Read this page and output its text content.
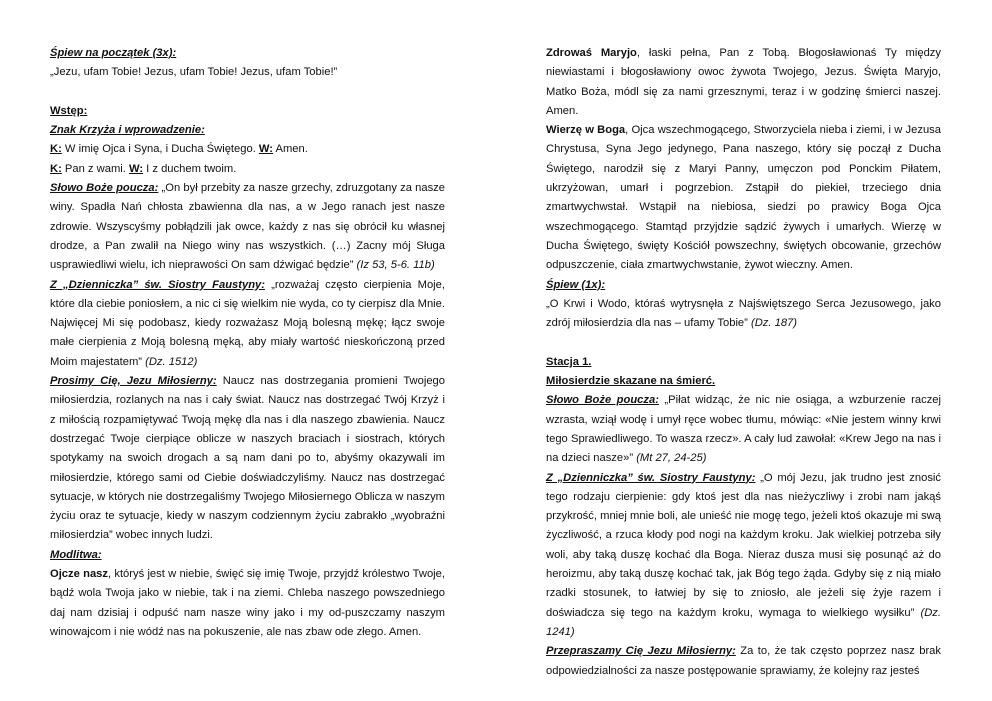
Śpiew na początek (3x):

„Jezu, ufam Tobie! Jezus, ufam Tobie! Jezus, ufam Tobie!”

Wstęp:

Znak Krzyża i wprowadzenie:

K: W imię Ojca i Syna, i Ducha Świętego. W: Amen.

K: Pan z wami. W: I z duchem twoim.

Słowo Boże poucza: „On był przebity za nasze grzechy, zdruzgotany za nasze winy. Spadła Nań chłosta zbawienna dla nas, a w Jego ranach jest nasze zdrowie. Wszyscyśmy pobłądzili jak owce, każdy z nas się obrócił ku własnej drodze, a Pan zwalił na Niego winy nas wszystkich. (…) Zacny mój Sługa usprawiedliwi wielu, ich nieprawości On sam dźwigać będzie” (Iz 53, 5-6. 11b)

Z „Dzienniczka” św. Siostry Faustyny: „rozważaj często cierpienia Moje, które dla ciebie poniosłem, a nic ci się wielkim nie wyda, co ty cierpisz dla Mnie. Najwięcej Mi się podobasz, kiedy rozważasz Moją bolesną mękę; łącz swoje małe cierpienia z Moją bolesną męką, aby miały wartość nieskończoną przed Moim majestatem” (Dz. 1512)

Prosimy Cię, Jezu Miłosierny: Naucz nas dostrzegania promieni Twojego miłosierdzia, rozlanych na nas i cały świat. Naucz nas dostrzegać Twój Krzyż i z miłością rozpamiętywać Twoją mękę dla nas i dla naszego zbawienia. Naucz dostrzegać Twoje cierpiące oblicze w naszych braciach i siostrach, których spotykamy na swoich drogach a są nam dani po to, abyśmy okazywali im miłosierdzie, którego sami od Ciebie doświadczyliśmy. Naucz nas dostrzegać sytuacje, w których nie dostrzegaliśmy Twojego Miłosiernego Oblicza w naszym życiu oraz te sytuacje, kiedy w naszym codziennym życiu zabrakło „wyobraźni miłosierdzia” wobec innych ludzi.

Modlitwa:

Ojcze nasz, któryś jest w niebie, święć się imię Twoje, przyjdź królestwo Twoje, bądź wola Twoja jako w niebie, tak i na ziemi. Chleba naszego powszedniego daj nam dzisiaj i odpuść nam nasze winy jako i my od-puszczamy naszym winowajcom i nie wódź nas na pokuszenie, ale nas zbaw ode złego. Amen.

Zdrowaś Maryjo, łaski pełna, Pan z Tobą. Błogosławionaś Ty między niewiastami i błogosławiony owoc żywota Twojego, Jezus. Święta Maryjo, Matko Boża, módl się za nami grzesznymi, teraz i w godzinę śmierci naszej. Amen.

Wierzę w Boga, Ojca wszechmogącego, Stworzyciela nieba i ziemi, i w Jezusa Chrystusa, Syna Jego jedynego, Pana naszego, który się począł z Ducha Świętego, narodził się z Maryi Panny, umęczon pod Ponckim Piłatem, ukrzyżowan, umarł i pogrzebion. Zstąpił do piekieł, trzeciego dnia zmartwychwstał. Wstąpił na niebiosa, siedzi po prawicy Boga Ojca wszechmogącego. Stamtąd przyjdzie sądzić żywych i umarłych. Wierzę w Ducha Świętego, święty Kościół powszechny, świętych obcowanie, grzechów odpuszczenie, ciała zmartwychwstanie, żywot wieczny. Amen.

Śpiew (1x):

„O Krwi i Wodo, któraś wytrysnęła z Najświętszego Serca Jezusowego, jako zdrój miłosierdzia dla nas – ufamy Tobie” (Dz. 187)

Stacja 1.

Miłosierdzie skazane na śmierć.

Słowo Boże poucza: „Piłat widząc, że nic nie osiąga, a wzburzenie raczej wzrasta, wziął wodę i umył ręce wobec tłumu, mówiąc: «Nie jestem winny krwi tego Sprawiedliwego. To wasza rzecz». A cały lud zawołał: «Krew Jego na nas i na dzieci nasze»” (Mt 27, 24-25)

Z „Dzienniczka” św. Siostry Faustyny: „O mój Jezu, jak trudno jest znosić tego rodzaju cierpienie: gdy ktoś jest dla nas nieżyczliwy i zrobi nam jakąś przykrość, mniej mnie boli, ale unieść nie mogę tego, jeżeli ktoś okazuje mi swą życzliwość, a rzuca kłody pod nogi na każdym kroku. Jak wielkiej potrzeba siły woli, aby taką duszę kochać dla Boga. Nieraz dusza musi się posunąć aż do heroizmu, aby taką duszę kochać tak, jak Bóg tego żąda. Gdyby się z nią miało rzadki stosunek, to łatwiej by się to zniosło, ale jeżeli się żyje razem i doświadcza się tego na każdym kroku, wymaga to wielkiego wysiłku” (Dz. 1241)

Przepraszamy Cię Jezu Miłosierny: Za to, że tak często poprzez nasz brak odpowiedzialności za nasze postępowanie sprawiamy, że kolejny raz jesteś
